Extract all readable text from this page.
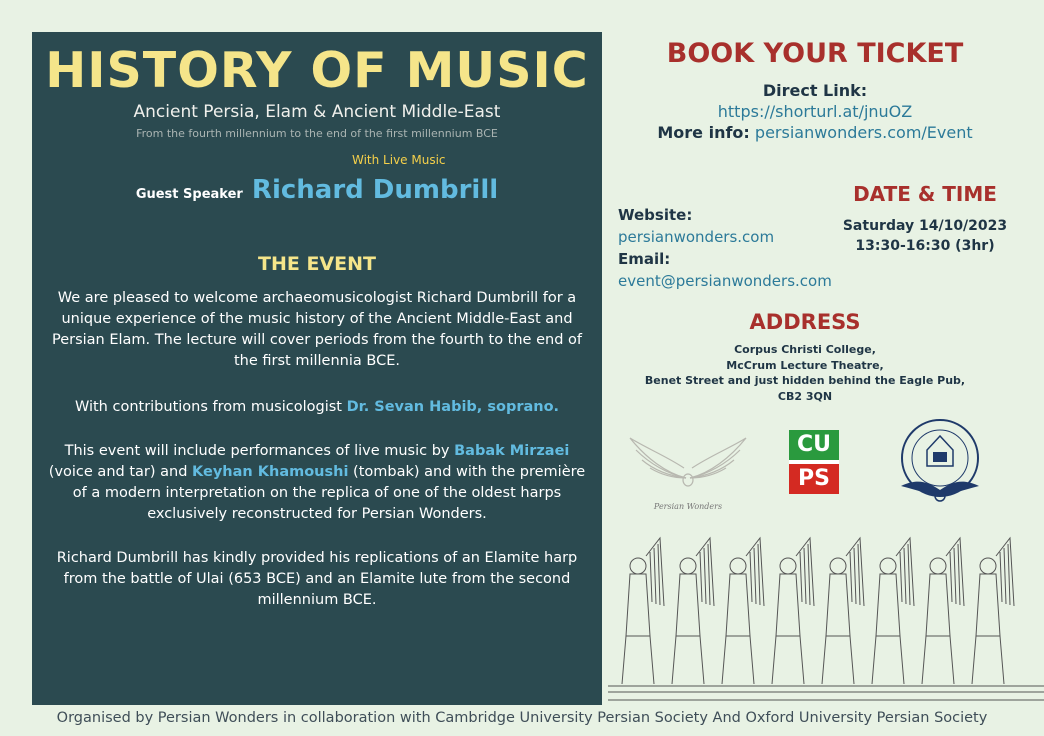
HISTORY OF MUSIC
Ancient Persia, Elam & Ancient Middle-East
From the fourth millennium to the end of the first millennium BCE
With Live Music
Guest Speaker Richard Dumbrill
THE EVENT
We are pleased to welcome archaeomusicologist Richard Dumbrill for a unique experience of the music history of the Ancient Middle-East and Persian Elam. The lecture will cover periods from the fourth to the end of the first millennia BCE.
With contributions from musicologist Dr. Sevan Habib, soprano.
This event will include performances of live music by Babak Mirzaei (voice and tar) and Keyhan Khamoushi (tombak) and with the première of a modern interpretation on the replica of one of the oldest harps exclusively reconstructed for Persian Wonders.
Richard Dumbrill has kindly provided his replications of an Elamite harp from the battle of Ulai (653 BCE) and an Elamite lute from the second millennium BCE.
BOOK YOUR TICKET
Direct Link:
https://shorturl.at/jnuOZ
More info: persianwonders.com/Event
Website:
persianwonders.com
Email:
event@persianwonders.com
DATE & TIME
Saturday 14/10/2023
13:30-16:30 (3hr)
ADDRESS
Corpus Christi College,
McCrum Lecture Theatre,
Benet Street and just hidden behind the Eagle Pub,
CB2 3QN
Persian Wonders
CU
PS
Organised by Persian Wonders in collaboration with Cambridge University Persian Society And Oxford University Persian Society
